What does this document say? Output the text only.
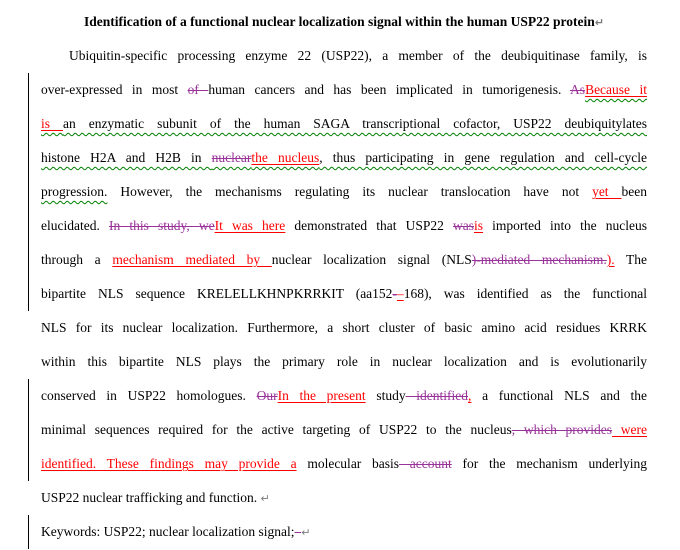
Identification of a functional nuclear localization signal within the human USP22 protein↵
Ubiquitin-specific processing enzyme 22 (USP22), a member of the deubiquitinase family, is
over-expressed in most of human cancers and has been implicated in tumorigenesis. AsBecause it
is an enzymatic subunit of the human SAGA transcriptional cofactor, USP22 deubiquitylates
histone H2A and H2B in nuclearthe nucleus, thus participating in gene regulation and cell-cycle
progression. However, the mechanisms regulating its nuclear translocation have not yet been
elucidated. In this study, weIt was here demonstrated that USP22 wasis imported into the nucleus
through a mechanism mediated by nuclear localization signal (NLS)-mediated mechanism.). The
bipartite NLS sequence KRELELLKHNPKRRKIT (aa152-–168), was identified as the functional
NLS for its nuclear localization. Furthermore, a short cluster of basic amino acid residues KRRK
within this bipartite NLS plays the primary role in nuclear localization and is evolutionarily
conserved in USP22 homologues. OurIn the present study identified, a functional NLS and the
minimal sequences required for the active targeting of USP22 to the nucleus, which provides were
identified. These findings may provide a molecular basis account for the mechanism underlying
USP22 nuclear trafficking and function. ↵
Keywords: USP22; nuclear localization signal; ↵
